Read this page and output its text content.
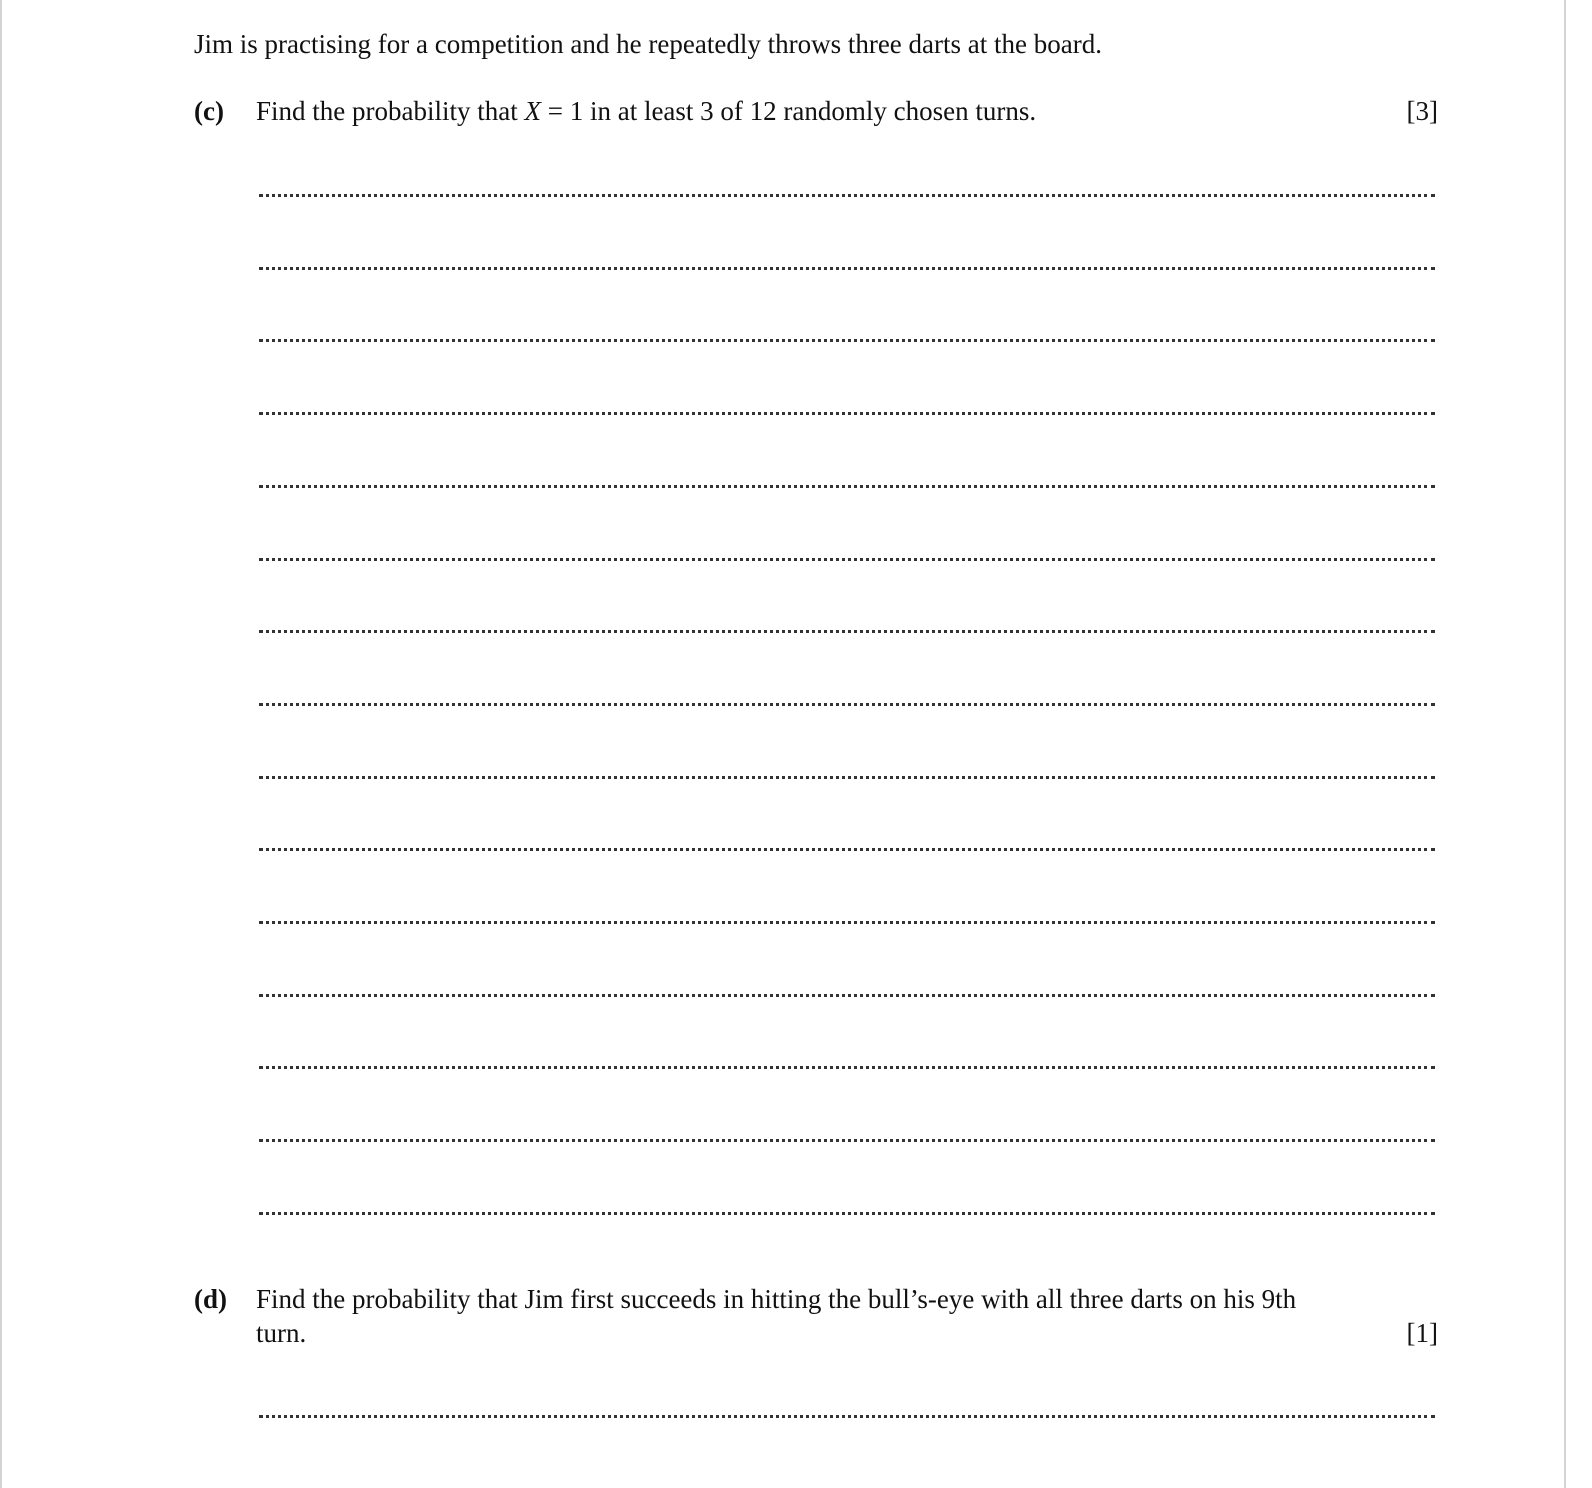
Jim is practising for a competition and he repeatedly throws three darts at the board.
(c) Find the probability that X = 1 in at least 3 of 12 randomly chosen turns.	[3]
(d) Find the probability that Jim first succeeds in hitting the bull’s-eye with all three darts on his 9th
turn.	[1]
